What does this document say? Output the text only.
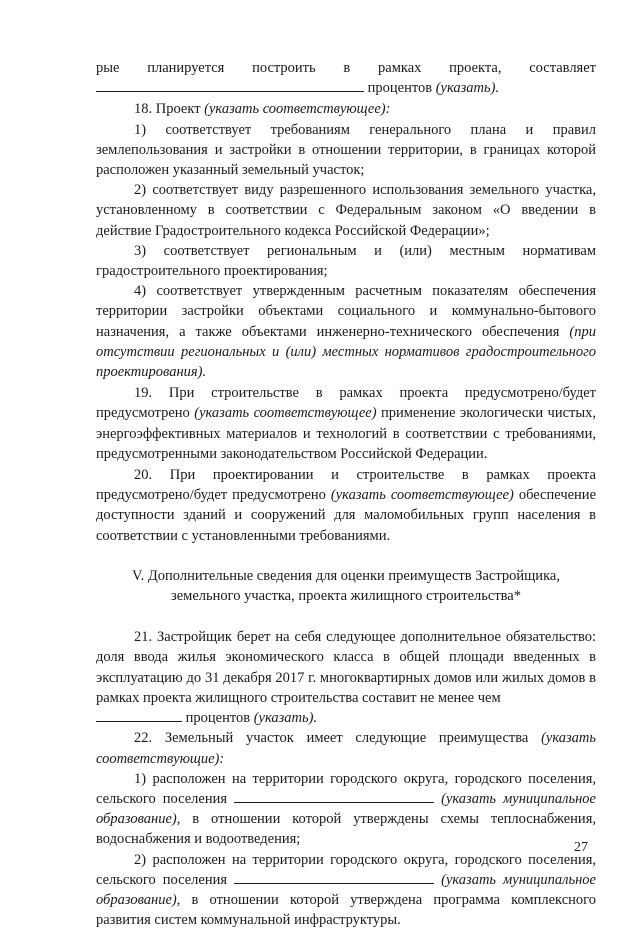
рые планируется построить в рамках проекта, составляет

процентов (указать).

18. Проект (указать соответствующее):

1) соответствует требованиям генерального плана и правил землепользования и застройки в отношении территории, в границах которой расположен указанный земельный участок;

2) соответствует виду разрешенного использования земельного участка, установленному в соответствии с Федеральным законом «О введении в действие Градостроительного кодекса Российской Федерации»;

3) соответствует региональным и (или) местным нормативам градостроительного проектирования;

4) соответствует утвержденным расчетным показателям обеспечения территории застройки объектами социального и коммунально-бытового назначения, а также объектами инженерно-технического обеспечения (при отсутствии региональных и (или) местных нормативов градостроительного проектирования).

19. При строительстве в рамках проекта предусмотрено/будет предусмотрено (указать соответствующее) применение экологически чистых, энергоэффективных материалов и технологий в соответствии с требованиями, предусмотренными законодательством Российской Федерации.

20. При проектировании и строительстве в рамках проекта предусмотрено/будет предусмотрено (указать соответствующее) обеспечение доступности зданий и сооружений для маломобильных групп населения в соответствии с установленными требованиями.

V. Дополнительные сведения для оценки преимуществ Застройщика,

земельного участка, проекта жилищного строительства*

21. Застройщик берет на себя следующее дополнительное обязательство: доля ввода жилья экономического класса в общей площади введенных в эксплуатацию до 31 декабря 2017 г. многоквартирных домов или жилых домов в рамках проекта жилищного строительства составит не менее чем
процентов (указать).

22. Земельный участок имеет следующие преимущества (указать соответствующие):

1) расположен на территории городского округа, городского поселения, сельского поселения	(указать муниципальное образование), в отношении которой утверждены схемы теплоснабжения, водоснабжения и водоотведения;

2) расположен на территории городского округа, городского поселения, сельского поселения	(указать муниципальное образование), в отношении которой утверждена программа комплексного развития систем коммунальной инфраструктуры.

27
